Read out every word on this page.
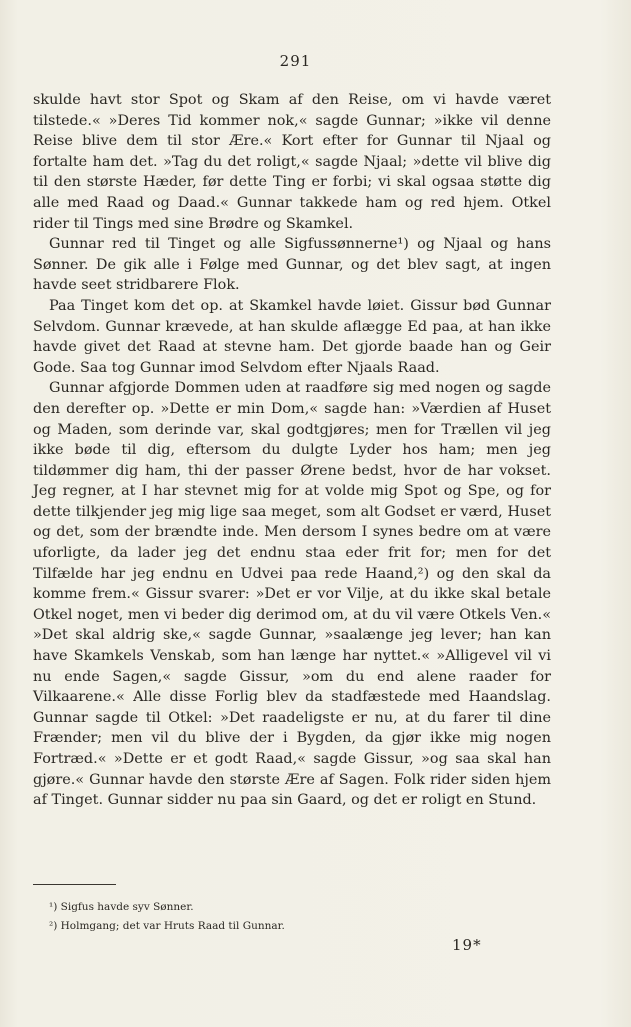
291

skulde havt stor Spot og Skam af den Reise, om vi havde været tilstede.« »Deres Tid kommer nok,« sagde Gunnar; »ikke vil denne Reise blive dem til stor Ære.« Kort efter for Gunnar til Njaal og fortalte ham det. »Tag du det roligt,« sagde Njaal; »dette vil blive dig til den største Hæder, før dette Ting er forbi; vi skal ogsaa støtte dig alle med Raad og Daad.« Gunnar takkede ham og red hjem. Otkel rider til Tings med sine Brødre og Skamkel.

Gunnar red til Tinget og alle Sigfussønnerne¹) og Njaal og hans Sønner. De gik alle i Følge med Gunnar, og det blev sagt, at ingen havde seet stridbarere Flok.

Paa Tinget kom det op. at Skamkel havde løiet. Gissur bød Gunnar Selvdom. Gunnar krævede, at han skulde aflægge Ed paa, at han ikke havde givet det Raad at stevne ham. Det gjorde baade han og Geir Gode. Saa tog Gunnar imod Selvdom efter Njaals Raad.

Gunnar afgjorde Dommen uden at raadføre sig med nogen og sagde den derefter op. »Dette er min Dom,« sagde han: »Værdien af Huset og Maden, som derinde var, skal godtgjøres; men for Trællen vil jeg ikke bøde til dig, eftersom du dulgte Lyder hos ham; men jeg tildømmer dig ham, thi der passer Ørene bedst, hvor de har vokset. Jeg regner, at I har stevnet mig for at volde mig Spot og Spe, og for dette tilkjender jeg mig lige saa meget, som alt Godset er værd, Huset og det, som der brændte inde. Men dersom I synes bedre om at være uforligte, da lader jeg det endnu staa eder frit for; men for det Tilfælde har jeg endnu en Udvei paa rede Haand,²) og den skal da komme frem.« Gissur svarer: »Det er vor Vilje, at du ikke skal betale Otkel noget, men vi beder dig derimod om, at du vil være Otkels Ven.« »Det skal aldrig ske,« sagde Gunnar, »saalænge jeg lever; han kan have Skamkels Venskab, som han længe har nyttet.« »Alligevel vil vi nu ende Sagen,« sagde Gissur, »om du end alene raader for Vilkaarene.« Alle disse Forlig blev da stadfæstede med Haandslag. Gunnar sagde til Otkel: »Det raadeligste er nu, at du farer til dine Frænder; men vil du blive der i Bygden, da gjør ikke mig nogen Fortræd.« »Dette er et godt Raad,« sagde Gissur, »og saa skal han gjøre.« Gunnar havde den største Ære af Sagen. Folk rider siden hjem af Tinget. Gunnar sidder nu paa sin Gaard, og det er roligt en Stund.

¹) Sigfus havde syv Sønner.

²) Holmgang; det var Hruts Raad til Gunnar.

19*
